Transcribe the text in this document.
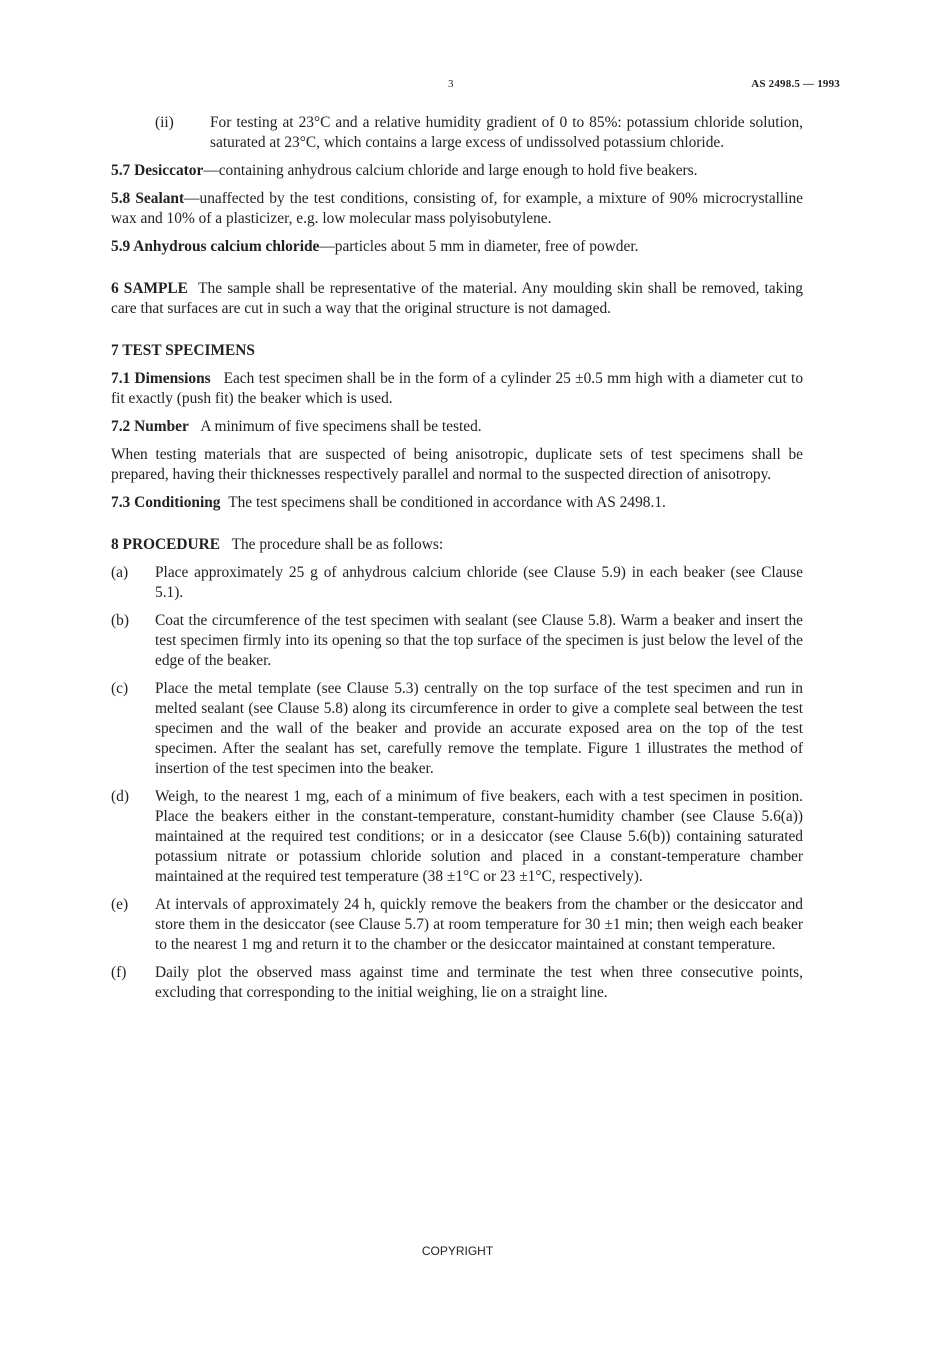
3	AS 2498.5 — 1993
(ii)	For testing at 23°C and a relative humidity gradient of 0 to 85%: potassium chloride solution, saturated at 23°C, which contains a large excess of undissolved potassium chloride.

5.7 Desiccator—containing anhydrous calcium chloride and large enough to hold five beakers.

5.8 Sealant—unaffected by the test conditions, consisting of, for example, a mixture of 90% microcrystalline wax and 10% of a plasticizer, e.g. low molecular mass polyisobutylene.

5.9 Anhydrous calcium chloride—particles about 5 mm in diameter, free of powder.

6 SAMPLE The sample shall be representative of the material. Any moulding skin shall be removed, taking care that surfaces are cut in such a way that the original structure is not damaged.

7 TEST SPECIMENS

7.1 Dimensions Each test specimen shall be in the form of a cylinder 25 ±0.5 mm high with a diameter cut to fit exactly (push fit) the beaker which is used.

7.2 Number A minimum of five specimens shall be tested.

When testing materials that are suspected of being anisotropic, duplicate sets of test specimens shall be prepared, having their thicknesses respectively parallel and normal to the suspected direction of anisotropy.

7.3 Conditioning The test specimens shall be conditioned in accordance with AS 2498.1.

8 PROCEDURE The procedure shall be as follows:

(a)	Place approximately 25 g of anhydrous calcium chloride (see Clause 5.9) in each beaker (see Clause 5.1).
(b)	Coat the circumference of the test specimen with sealant (see Clause 5.8). Warm a beaker and insert the test specimen firmly into its opening so that the top surface of the specimen is just below the level of the edge of the beaker.
(c)	Place the metal template (see Clause 5.3) centrally on the top surface of the test specimen and run in melted sealant (see Clause 5.8) along its circumference in order to give a complete seal between the test specimen and the wall of the beaker and provide an accurate exposed area on the top of the test specimen. After the sealant has set, carefully remove the template. Figure 1 illustrates the method of insertion of the test specimen into the beaker.
(d)	Weigh, to the nearest 1 mg, each of a minimum of five beakers, each with a test specimen in position. Place the beakers either in the constant-temperature, constant-humidity chamber (see Clause 5.6(a)) maintained at the required test conditions; or in a desiccator (see Clause 5.6(b)) containing saturated potassium nitrate or potassium chloride solution and placed in a constant-temperature chamber maintained at the required test temperature (38 ±1°C or 23 ±1°C, respectively).
(e)	At intervals of approximately 24 h, quickly remove the beakers from the chamber or the desiccator and store them in the desiccator (see Clause 5.7) at room temperature for 30 ±1 min; then weigh each beaker to the nearest 1 mg and return it to the chamber or the desiccator maintained at constant temperature.
(f)	Daily plot the observed mass against time and terminate the test when three consecutive points, excluding that corresponding to the initial weighing, lie on a straight line.
COPYRIGHT
